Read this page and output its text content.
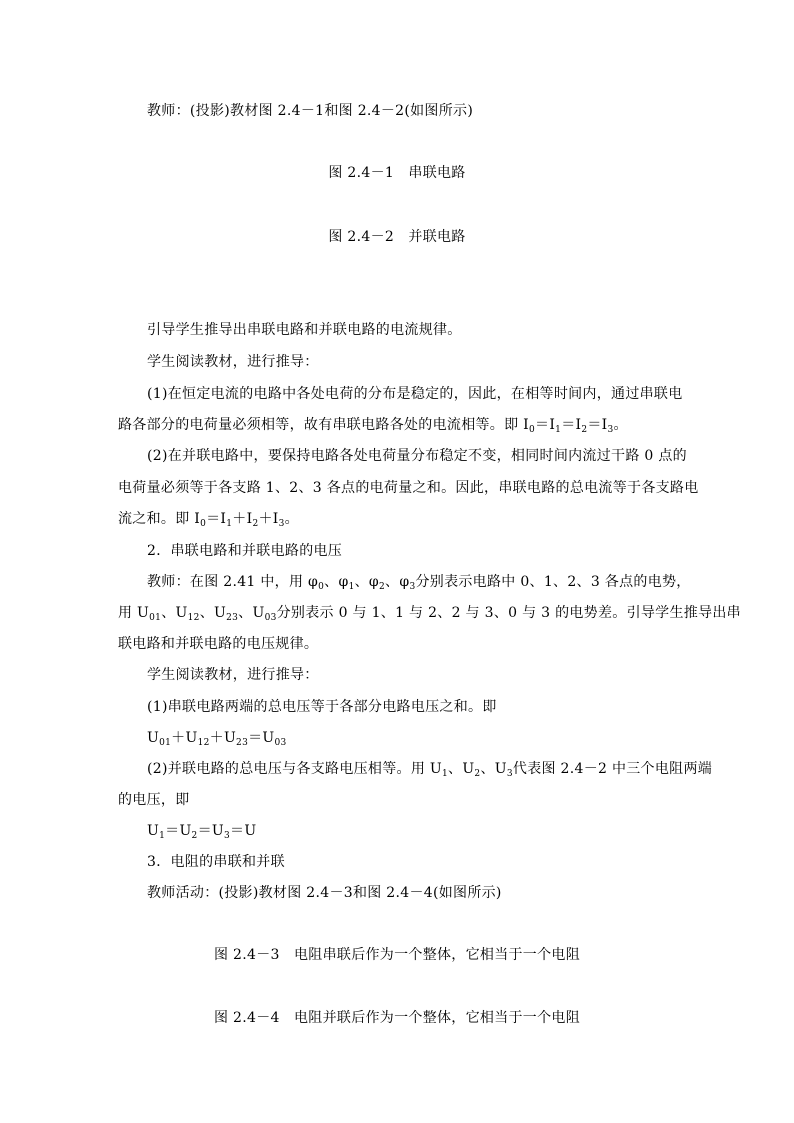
教师：(投影)教材图 2.4－1和图 2.4－2(如图所示)
图 2.4－1　串联电路
图 2.4－2　并联电路
引导学生推导出串联电路和并联电路的电流规律。
学生阅读教材，进行推导：
(1)在恒定电流的电路中各处电荷的分布是稳定的，因此，在相等时间内，通过串联电
路各部分的电荷量必须相等，故有串联电路各处的电流相等。即 $I_0=I_1=I_2=I_3$。
(2)在并联电路中，要保持电路各处电荷量分布稳定不变，相同时间内流过干路 0 点的
电荷量必须等于各支路 1、2、3 各点的电荷量之和。因此，串联电路的总电流等于各支路电
流之和。即 $I_0=I_1+I_2+I_3$。
2．串联电路和并联电路的电压
教师：在图 2.41 中，用 $\varphi_0$、$\varphi_1$、$\varphi_2$、$\varphi_3$分别表示电路中 0、1、2、3 各点的电势，
用 $U_{01}$、$U_{12}$、$U_{23}$、$U_{03}$分别表示 0 与 1、1 与 2、2 与 3、0 与 3 的电势差。引导学生推导出串
联电路和并联电路的电压规律。
学生阅读教材，进行推导：
(1)串联电路两端的总电压等于各部分电路电压之和。即
$U_{01}+U_{12}+U_{23}=U_{03}$
(2)并联电路的总电压与各支路电压相等。用 $U_1$、$U_2$、$U_3$代表图 2.4－2 中三个电阻两端
的电压，即
$U_1=U_2=U_3=U$
3．电阻的串联和并联
教师活动：(投影)教材图 2.4－3和图 2.4－4(如图所示)
图 2.4－3　电阻串联后作为一个整体，它相当于一个电阻
图 2.4－4　电阻并联后作为一个整体，它相当于一个电阻
